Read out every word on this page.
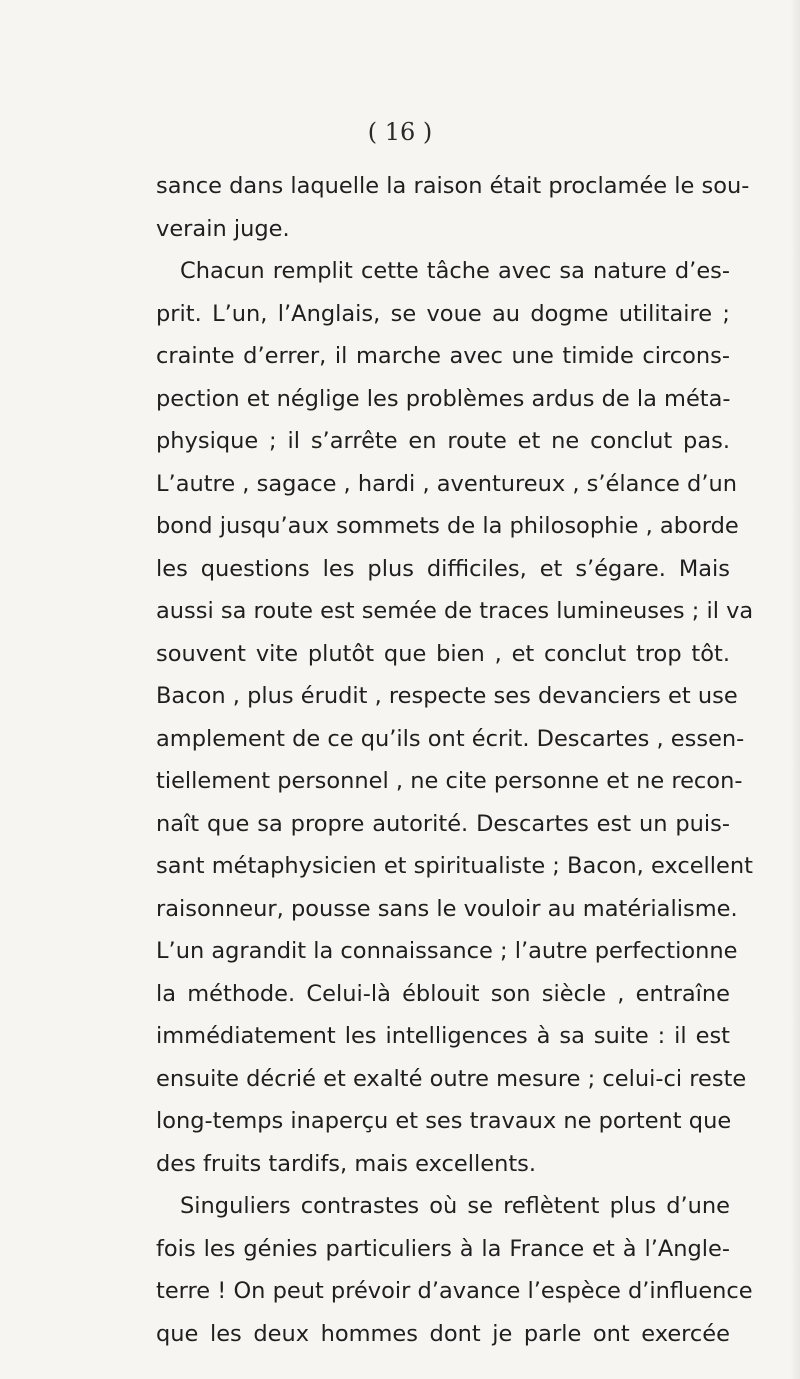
( 16 )
sance dans laquelle la raison était proclamée le sou-
verain juge.
Chacun remplit cette tâche avec sa nature d’es-
prit. L’un, l’Anglais, se voue au dogme utilitaire ;
crainte d’errer, il marche avec une timide circons-
pection et néglige les problèmes ardus de la méta-
physique ; il s’arrête en route et ne conclut pas.
L’autre , sagace , hardi , aventureux , s’élance d’un
bond jusqu’aux sommets de la philosophie , aborde
les questions les plus difficiles, et s’égare. Mais
aussi sa route est semée de traces lumineuses ; il va
souvent vite plutôt que bien , et conclut trop tôt.
Bacon , plus érudit , respecte ses devanciers et use
amplement de ce qu’ils ont écrit. Descartes , essen-
tiellement personnel , ne cite personne et ne recon-
naît que sa propre autorité. Descartes est un puis-
sant métaphysicien et spiritualiste ; Bacon, excellent
raisonneur, pousse sans le vouloir au matérialisme.
L’un agrandit la connaissance ; l’autre perfectionne
la méthode. Celui-là éblouit son siècle , entraîne
immédiatement les intelligences à sa suite : il est
ensuite décrié et exalté outre mesure ; celui-ci reste
long-temps inaperçu et ses travaux ne portent que
des fruits tardifs, mais excellents.
Singuliers contrastes où se reflètent plus d’une
fois les génies particuliers à la France et à l’Angle-
terre ! On peut prévoir d’avance l’espèce d’influence
que les deux hommes dont je parle ont exercée
